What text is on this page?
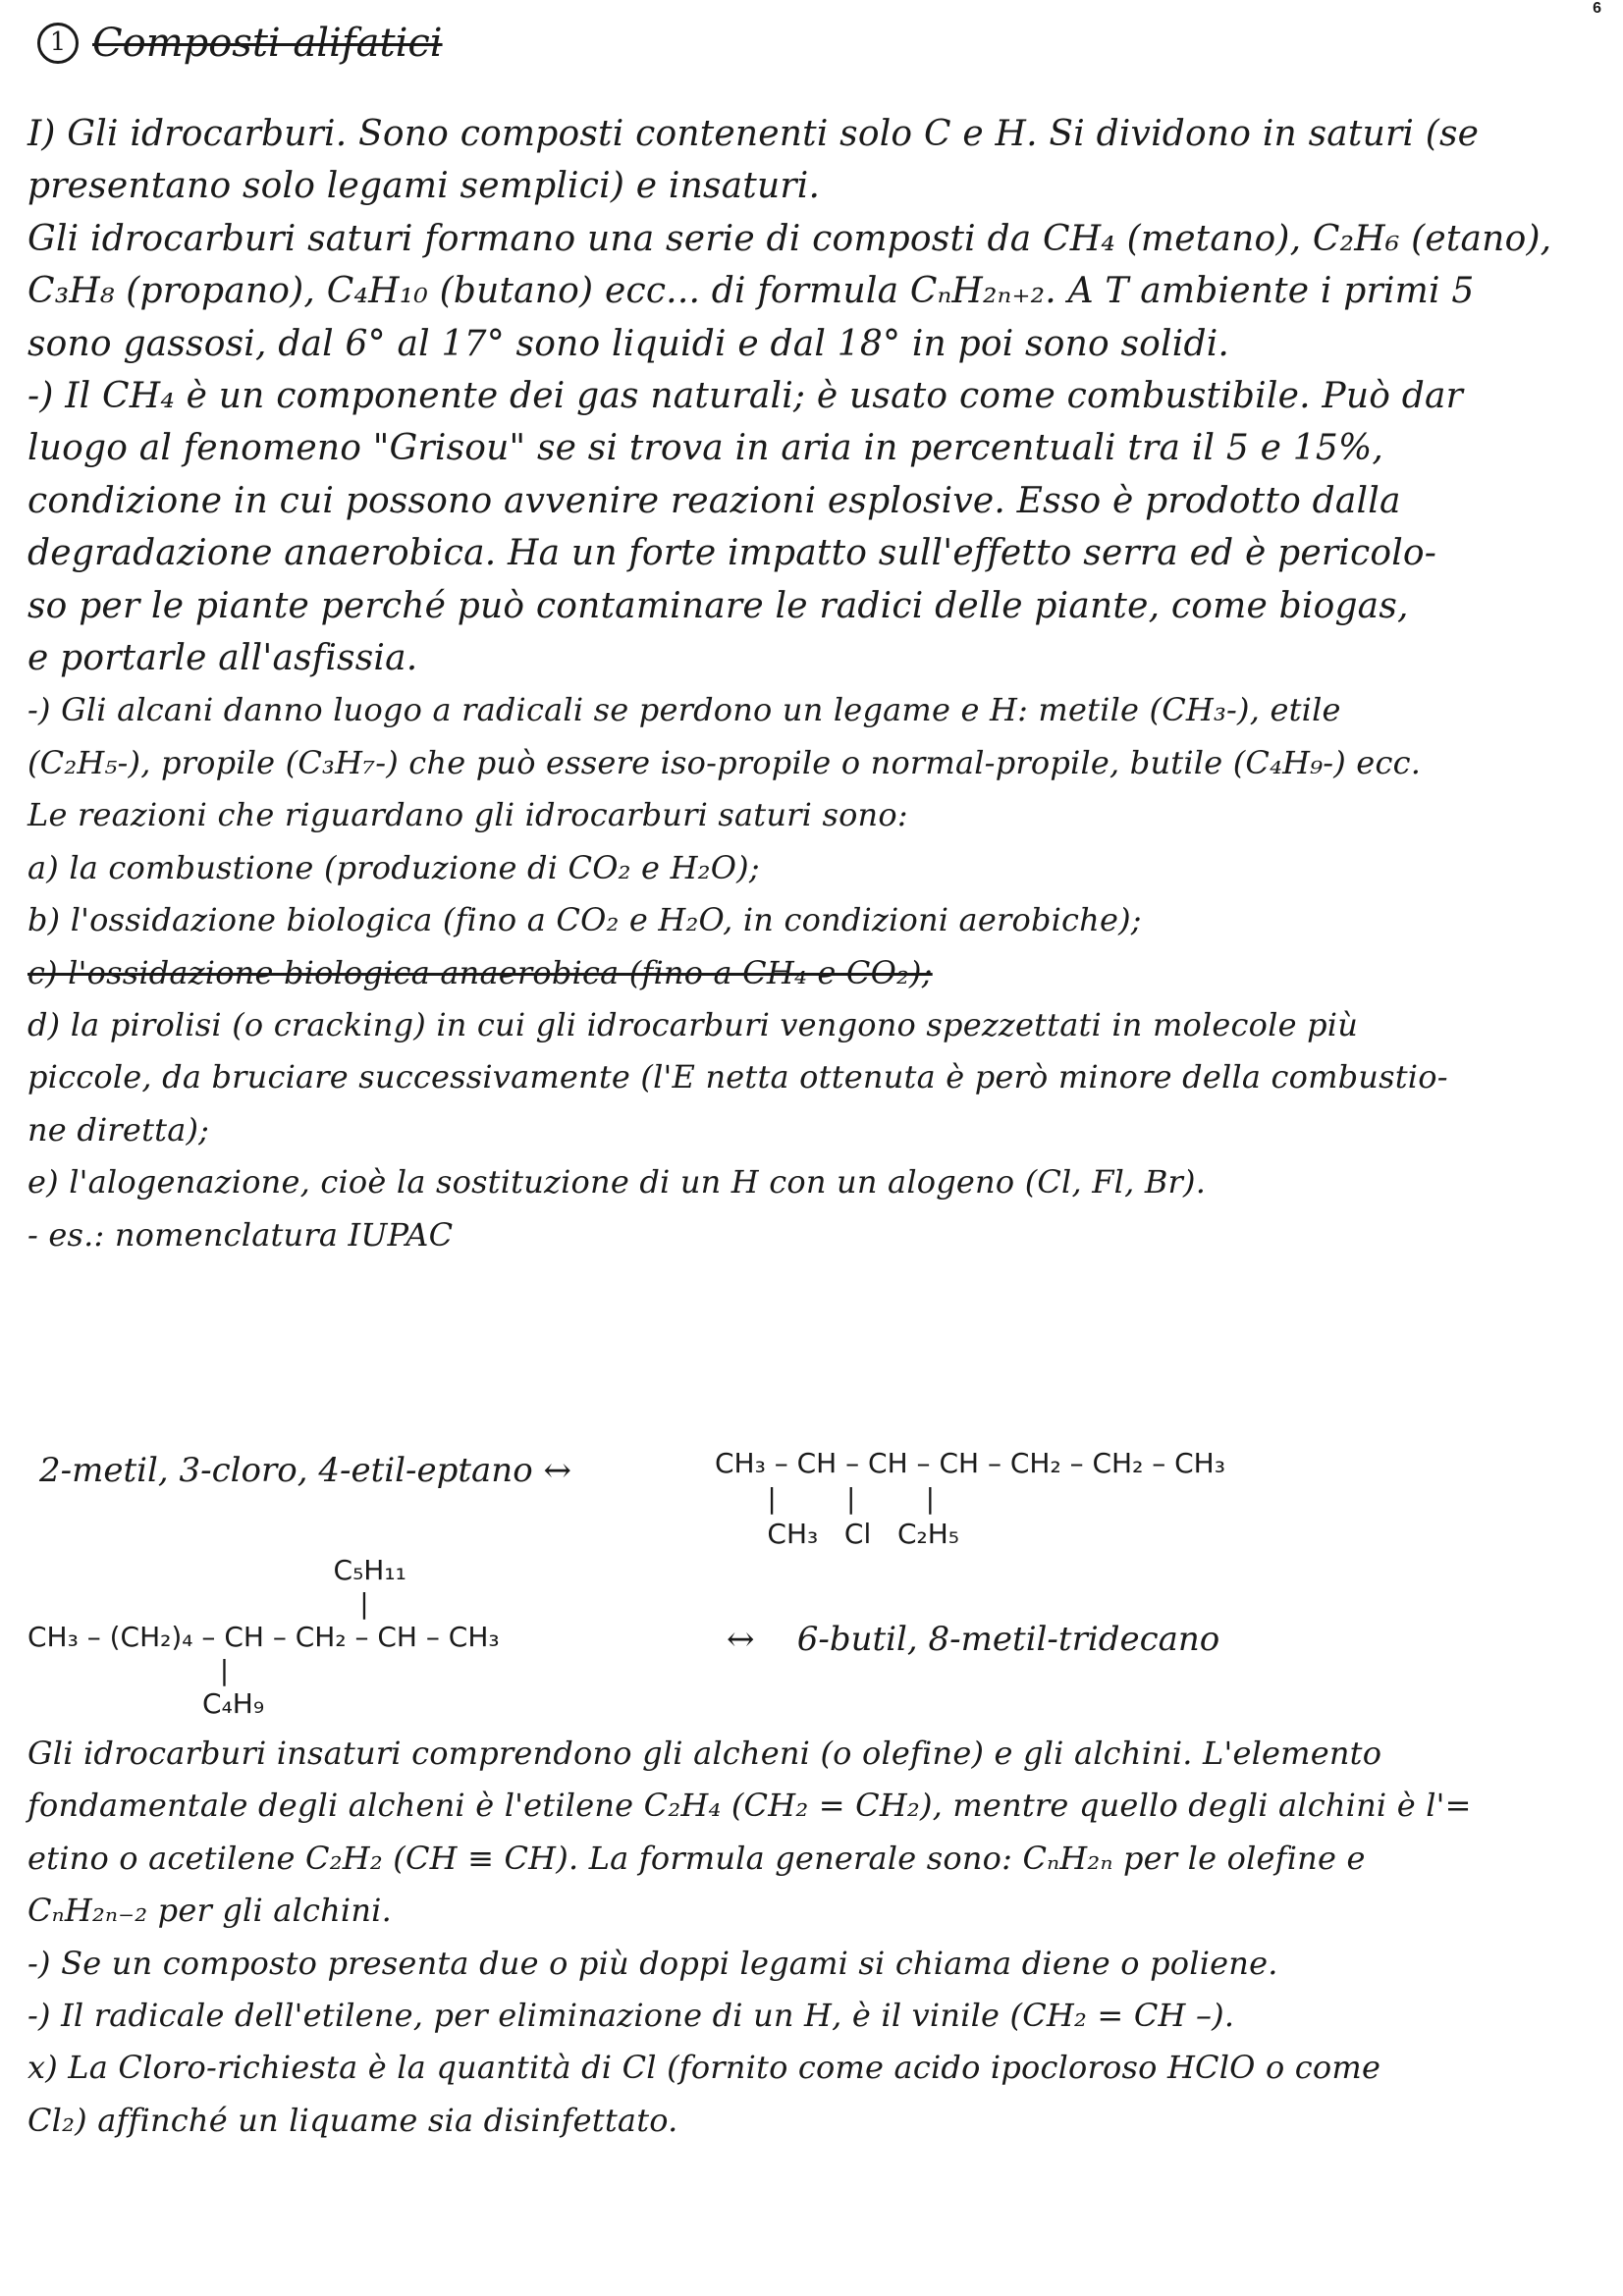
6
1 Composti alifatici
I) Gli idrocarburi. Sono composti contenenti solo C e H. Si dividono in saturi (se
presentano solo legami semplici) e insaturi.
Gli idrocarburi saturi formano una serie di composti da CH₄ (metano), C₂H₆ (etano),
C₃H₈ (propano), C₄H₁₀ (butano) ecc... di formula CₙH₂ₙ₊₂. A T ambiente i primi 5
sono gassosi, dal 6° al 17° sono liquidi e dal 18° in poi sono solidi.
-) Il CH₄ è un componente dei gas naturali; è usato come combustibile. Può dar
luogo al fenomeno "Grisou" se si trova in aria in percentuali tra il 5 e 15%,
condizione in cui possono avvenire reazioni esplosive. Esso è prodotto dalla
degradazione anaerobica. Ha un forte impatto sull'effetto serra ed è pericolo-
so per le piante perché può contaminare le radici delle piante, come biogas,
e portarle all'asfissia.
-) Gli alcani danno luogo a radicali se perdono un legame e H: metile (CH₃-), etile
(C₂H₅-), propile (C₃H₇-) che può essere iso-propile o normal-propile, butile (C₄H₉-) ecc.
Le reazioni che riguardano gli idrocarburi saturi sono:
a) la combustione (produzione di CO₂ e H₂O);
b) l'ossidazione biologica (fino a CO₂ e H₂O, in condizioni aerobiche);
c) l'ossidazione biologica anaerobica (fino a CH₄ e CO₂);
d) la pirolisi (o cracking) in cui gli idrocarburi vengono spezzettati in molecole più
piccole, da bruciare successivamente (l'E netta ottenuta è però minore della combustio-
ne diretta);
e) l'alogenazione, cioè la sostituzione di un H con un alogeno (Cl, Fl, Br).
- es.: nomenclatura IUPAC
2-metil, 3-cloro, 4-etil-eptano ↔	CH₃ – CH – CH – CH – CH₂ – CH₂ – CH₃
|        |        |
CH₃   Cl   C₂H₅
C₅H₁₁
|
CH₃ – (CH₂)₄ – CH – CH₂ – CH – CH₃
|
C₄H₉
↔ 6-butil, 8-metil-tridecano
Gli idrocarburi insaturi comprendono gli alcheni (o olefine) e gli alchini. L'elemento
fondamentale degli alcheni è l'etilene C₂H₄ (CH₂ = CH₂), mentre quello degli alchini è l'=
etino o acetilene C₂H₂ (CH ≡ CH). La formula generale sono: CₙH₂ₙ per le olefine e
CₙH₂ₙ₋₂ per gli alchini.
-) Se un composto presenta due o più doppi legami si chiama diene o poliene.
-) Il radicale dell'etilene, per eliminazione di un H, è il vinile (CH₂ = CH –).
x) La Cloro-richiesta è la quantità di Cl (fornito come acido ipocloroso HClO o come
Cl₂) affinché un liquame sia disinfettato.
